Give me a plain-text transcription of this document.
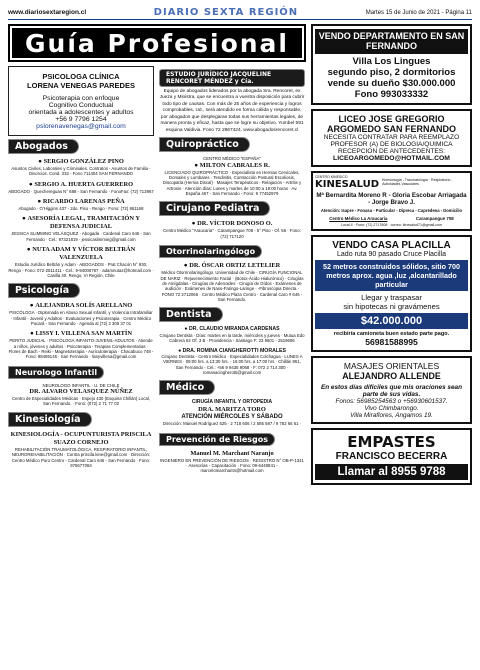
www.diariosextaregion.cl	DIARIO SEXTA REGIÓN	Martes 15 de Junio de 2021 - Página 11
Guía Profesional
PSICOLOGA CLÍNICA
LORENA VENEGAS PAREDES
Psicoterapia con enfoque
Cognitivo Conductual
orientada a adolescentes y adultos
+56 9 7796 1254
pslorenavenegas@gmail.com
Abogados
● SERGIO GONZÁLEZ PINO
Asuntos Civiles, Laborales y Criminales. Contratos - Asuntos de Familia - Divorcios. Cond. 332 - Fono 711404 SAN FERNANDO
● SERGIO A. HUERTA GUERRERO
ABOGADO · Quechereguas N° 688 - San Fernando · FonoFax: (72) 713967
● RICARDO LARENAS PEÑA
Abogado · O'Higgins 437 - 2do. Piso - Rengo · Fono: (72) 861168
● ASESORÍA LEGAL, TRAMITACIÓN Y DEFENSA JUDICIAL
JESSICA SLIMMING VELÁSQUEZ · Abogada · Cardenal Caro 646 - San Fernando · Cel.: 97321819 · jessicaslimming@gmail.com
● NUTA ADAM Y VÍCTOR BELTRÁN VALENZUELA
Estudio Jurídico Beltrán y Adam · ABOGADOS · Prat Chacón N° 930, Rengo - Fono: 072-2511411 · Cel.: 9-94006787 · adamnutaz@hotmail.com · Casilla 40. Rengo, VI Región, Chile
Psicología
● ALEJANDRA SOLÍS ARELLANO
PSICÓLOGA · Diplomada en Abuso Sexual Infantil, y Violencia Intrafamiliar · Infantil - Juvenil y Adultos · Evaluaciones y Psicoterapia · Centro Médico Pucará - San Fernando · Agenda al (72) 2 305 37 01
● LISSY I. VILLENA SAN MARTÍN
PERITO JUDICIAL · PSICÓLOGA INFANTO-JUVENIL-ADULTOS · Atiende a niños, jóvenes y adultos · Psicoterapia - Terapias Complementarias · Flores de Bach - Reiki - Magnetoterapia - Auriculoterapia · Chacabuco 748 - Fono: 98459145 · San Fernando · lissyvillena@gmail.com
Neurologo Infantil
NEUROLOGO INFANTIL · U. DE CHILE
DR. ALVARO VELASQUEZ NÚÑEZ
Centro de Especialidades Médicas · Espejo 430 (Esquina Chillán) Local, San Fernando. · Fono: (072) 2 71 77 02
Kinesiología
KINESIOLOGÍA - OCUPUNTURISTA PRISCILA SUAZO CORNEJO
REHABILITACIÓN TRAUMATOLÓGICA, RESPIRATORIO INFANTIL, NEUROREHABILITACIÓN · Contra priscila.kine@gmail.com · Dirección: Centro Médico Puro Centro - Cardenal Caro 646 - San Fernando · Fono: 975677084
ESTUDIO JURÍDICO JACQUELINE RENCORET MÉNDEZ y Cía.
Equipo de abogados liderados por la abogada Sra. Rencoret, ex Jueza y Ministra, que se encuentra a vuestra disposición para cubrir todo tipo de causas. Con más de 25 años de experiencia y logros comprobables, Ud., será atendido en forma cálida y responsable, por abogados que desplegaran todas sus herramientas legales, de manera pronta y eficaz, hasta que se logre su objetivo. Yumbel 591 esquina Valdivia. Fono 72 2967424. www.abogadosrencoret.cl
Quiropráctico
CENTRO MÉDICO "ESPAÑA"
● MILTON CABRALES R.
LICENCIADO QUIROPRÁCTICO · Especialista en Hernias Cervicales, Dorsales y Lumbares · Tendinitis, Contracción Postural Escoliosis, Discopatía (Hernia Discal) · Masajes Terapéuticos - Relajación - Artritis y Artrosis · Atención días: Lunes y martes de 10:00 a 19:00 horas · Av. España 467 - San Fernando - Fono: 9 77452979
Cirujano Pediatra
● DR. VÍCTOR DONOSO O.
Centro Médico "Araucaria" · Carampangue 708 - 5° Piso - Of. 56 · Fono: (72) 717120
Otorrinolaringólogo
● DR. ÓSCAR ORTIZ LETELIER
Médico Otorrinolaringólogo. Universidad de Chile · CIRUGÍA FUNCIONAL DE NARIZ · Rejuvenecimiento Facial · (Botox-Ácido Hialurónico) · Cirugías de Amígdalas - Cirugías de Adenoides · Cirugía de Oídos - Exámenes de audición · Exámenes de Naso-Faringo-Laringe · -Fibroscopia Directa · FONO 72 2712065 · Centro Médico Plaza Centro · Cardenal Caro # 646 - San Fernando.
Dentista
● DR. CLAUDIO MIRANDA CARDENAS
Cirujano Dentista · Días: martes en la tarde, miércoles y jueves · Mutua Edo Cabrera 62 Of. 3 B · Providencia - Santiago F: 23 9601 - 2519606
● DRA. ROMINA CIANGHEROTTI MORALES
Cirujano Dentista - Centro Médico · Especialidades Colchagua · LUNES A VIERNES · 09:00 hrs. a 13:30 hrs. - 16:00 hrs. a 17:00 hrs · Chillán 951, San Fernando - Cel.: +56 9 9435 9068 · F: 072 2 714 300 · romanacingherotti@gmail.com
Médico
CIRUGÍA INFANTIL Y ORTOPEDIA
DRA. MARITZA TORO
ATENCIÓN MIÉRCOLES Y SÁBADO
Dirección: Manuel Rodríguez 525 · 2 718 606 / 2 585 597 / 9 782 66 61 ·
Prevención de Riesgos
Manuel M. Marchant Naranjo
INGENIERO EN PREVENCIÓN DE RIESGOS · REGISTRO N° OB-P-1341 · Asesorías - Capacitación · Fono: 09-6448841 - marcelomarchantn@hotmail.com
VENDO DEPARTAMENTO EN SAN FERNANDO
Villa Los Lingues
segundo piso, 2 dormitorios
vende su dueño $30.000.000
Fono 993033332
LICEO JOSE GREGORIO
ARGOMEDO SAN FERNANDO
NECESITA CONTRATAR PARA REEMPLAZO
PROFESOR (A) DE BIOLOGIA/QUIMICA
RECEPCION DE ANTECEDENTES:
LICEOARGOMEDO@HOTMAIL.COM
CENTRO KINESICO
KINESALUD Kinesiología - Traumatología · Respiratorio - Actividades Vasculares
Mª Bernardita Moreno R - Gloria Escobar Arriagada - Jorge Bravo J.
Atención: Isapre - Fonasa - Particular - Dipreca - Capredena - Domicilio
Centro Médico La Araucaria	Carampangue 708
Local 4 · Fono: (72) 2717808 · correo: kinesalud71@gmail.com
VENDO CASA PLACILLA
Lado ruta 90 pasado Cruce Placilla
52 metros construidos sólidos, sitio 700 metros aprox. agua ,luz ,alcantarillado particular
Llegar y traspasar
sin hipotecas ni gravámenes
$42.000.000
recibiría camioneta buen estado parte pago.
56981588995
MASAJES ORIENTALES
ALEJANDRO ALLENDE
En estos días difíciles que mis oraciones sean parte de sus vidas.
Fonos: 56985254563 o +56930601537.
Vivo Chimbarongo.
Villa Miraflores, Angamos 19.
EMPASTES
FRANCISCO BECERRA
Llamar al 8955 9788
